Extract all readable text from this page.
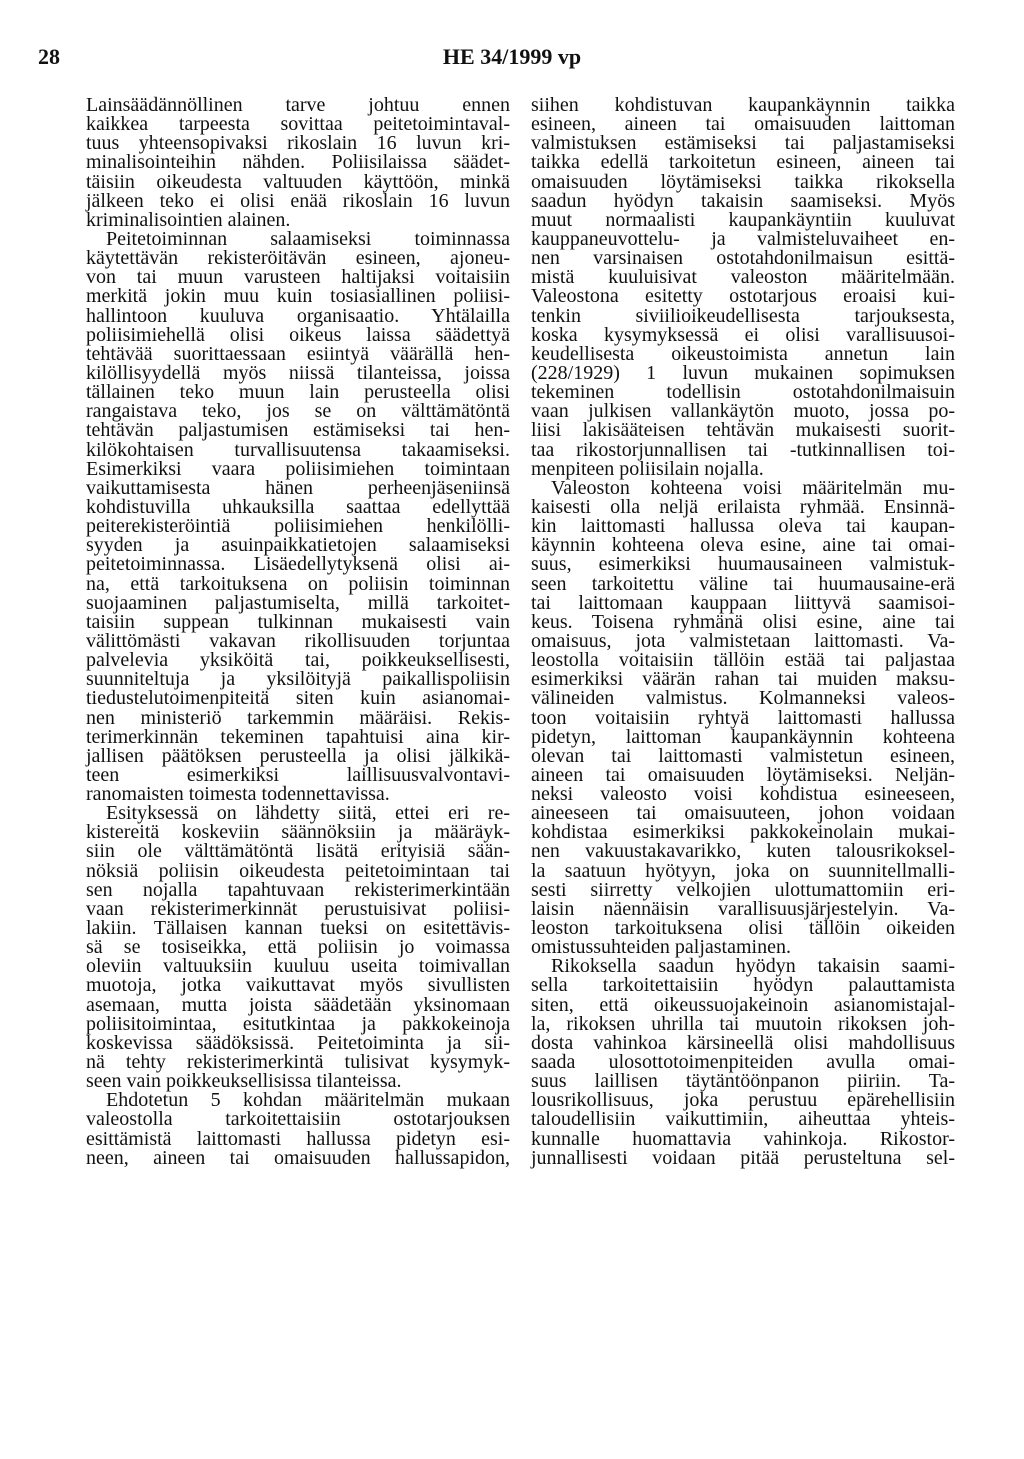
28	HE 34/1999 vp
Lainsäädännöllinen tarve johtuu ennen
kaikkea tarpeesta sovittaa peitetoimintaval-
tuus yhteensopivaksi rikoslain 16 luvun kri-
minalisointeihin nähden. Poliisilaissa säädet-
täisiin oikeudesta valtuuden käyttöön, minkä
jälkeen teko ei olisi enää rikoslain 16 luvun
kriminalisointien alainen.
Peitetoiminnan salaamiseksi toiminnassa
käytettävän rekisteröitävän esineen, ajoneu-
von tai muun varusteen haltijaksi voitaisiin
merkitä jokin muu kuin tosiasiallinen poliisi-
hallintoon kuuluva organisaatio. Yhtälailla
poliisimiehellä olisi oikeus laissa säädettyä
tehtävää suorittaessaan esiintyä väärällä hen-
kilöllisyydellä myös niissä tilanteissa, joissa
tällainen teko muun lain perusteella olisi
rangaistava teko, jos se on välttämätöntä
tehtävän paljastumisen estämiseksi tai hen-
kilökohtaisen turvallisuutensa takaamiseksi.
Esimerkiksi vaara poliisimiehen toimintaan
vaikuttamisesta hänen perheenjäseniinsä
kohdistuvilla uhkauksilla saattaa edellyttää
peiterekisteröintiä poliisimiehen henkilölli-
syyden ja asuinpaikkatietojen salaamiseksi
peitetoiminnassa. Lisäedellytyksenä olisi ai-
na, että tarkoituksena on poliisin toiminnan
suojaaminen paljastumiselta, millä tarkoitet-
taisiin suppean tulkinnan mukaisesti vain
välittömästi vakavan rikollisuuden torjuntaa
palvelevia yksiköitä tai, poikkeuksellisesti,
suunniteltuja ja yksilöityjä paikallispoliisin
tiedustelutoimenpiteitä siten kuin asianomai-
nen ministeriö tarkemmin määräisi. Rekis-
terimerkinnän tekeminen tapahtuisi aina kir-
jallisen päätöksen perusteella ja olisi jälkikä-
teen esimerkiksi laillisuusvalvontavi-
ranomaisten toimesta todennettavissa.
Esityksessä on lähdetty siitä, ettei eri re-
kistereitä koskeviin säännöksiin ja määräyk-
siin ole välttämätöntä lisätä erityisiä sään-
nöksiä poliisin oikeudesta peitetoimintaan tai
sen nojalla tapahtuvaan rekisterimerkintään
vaan rekisterimerkinnät perustuisivat poliisi-
lakiin. Tällaisen kannan tueksi on esitettävis-
sä se tosiseikka, että poliisin jo voimassa
oleviin valtuuksiin kuuluu useita toimivallan
muotoja, jotka vaikuttavat myös sivullisten
asemaan, mutta joista säädetään yksinomaan
poliisitoimintaa, esitutkintaa ja pakkokeinoja
koskevissa säädöksissä. Peitetoiminta ja sii-
nä tehty rekisterimerkintä tulisivat kysymyk-
seen vain poikkeuksellisissa tilanteissa.
Ehdotetun 5 kohdan määritelmän mukaan
valeostolla tarkoitettaisiin ostotarjouksen
esittämistä laittomasti hallussa pidetyn esi-
neen, aineen tai omaisuuden hallussapidon,
siihen kohdistuvan kaupankäynnin taikka
esineen, aineen tai omaisuuden laittoman
valmistuksen estämiseksi tai paljastamiseksi
taikka edellä tarkoitetun esineen, aineen tai
omaisuuden löytämiseksi taikka rikoksella
saadun hyödyn takaisin saamiseksi. Myös
muut normaalisti kaupankäyntiin kuuluvat
kauppaneuvottelu- ja valmisteluvaiheet en-
nen varsinaisen ostotahdonilmaisun esittä-
mistä kuuluisivat valeoston määritelmään.
Valeostona esitetty ostotarjous eroaisi kui-
tenkin siviilioikeudellisesta tarjouksesta,
koska kysymyksessä ei olisi varallisuusoi-
keudellisesta oikeustoimista annetun lain
(228/1929) 1 luvun mukainen sopimuksen
tekeminen todellisin ostotahdonilmaisuin
vaan julkisen vallankäytön muoto, jossa po-
liisi lakisääteisen tehtävän mukaisesti suorit-
taa rikostorjunnallisen tai -tutkinnallisen toi-
menpiteen poliisilain nojalla.
Valeoston kohteena voisi määritelmän mu-
kaisesti olla neljä erilaista ryhmää. Ensinnä-
kin laittomasti hallussa oleva tai kaupan-
käynnin kohteena oleva esine, aine tai omai-
suus, esimerkiksi huumausaineen valmistuk-
seen tarkoitettu väline tai huumausaine-erä
tai laittomaan kauppaan liittyvä saamisoi-
keus. Toisena ryhmänä olisi esine, aine tai
omaisuus, jota valmistetaan laittomasti. Va-
leostolla voitaisiin tällöin estää tai paljastaa
esimerkiksi väärän rahan tai muiden maksu-
välineiden valmistus. Kolmanneksi valeos-
toon voitaisiin ryhtyä laittomasti hallussa
pidetyn, laittoman kaupankäynnin kohteena
olevan tai laittomasti valmistetun esineen,
aineen tai omaisuuden löytämiseksi. Neljän-
neksi valeosto voisi kohdistua esineeseen,
aineeseen tai omaisuuteen, johon voidaan
kohdistaa esimerkiksi pakkokeinolain mukai-
nen vakuustakavarikko, kuten talousrikoksel-
la saatuun hyötyyn, joka on suunnitellmalli-
sesti siirretty velkojien ulottumattomiin eri-
laisin näennäisin varallisuusjärjestelyin. Va-
leoston tarkoituksena olisi tällöin oikeiden
omistussuhteiden paljastaminen.
Rikoksella saadun hyödyn takaisin saami-
sella tarkoitettaisiin hyödyn palauttamista
siten, että oikeussuojakeinoin asianomistajal-
la, rikoksen uhrilla tai muutoin rikoksen joh-
dosta vahinkoa kärsineellä olisi mahdollisuus
saada ulosottotoimenpiteiden avulla omai-
suus laillisen täytäntöönpanon piiriin. Ta-
lousrikollisuus, joka perustuu epärehellisiin
taloudellisiin vaikuttimiin, aiheuttaa yhteis-
kunnalle huomattavia vahinkoja. Rikostor-
junnallisesti voidaan pitää perusteltuna sel-
